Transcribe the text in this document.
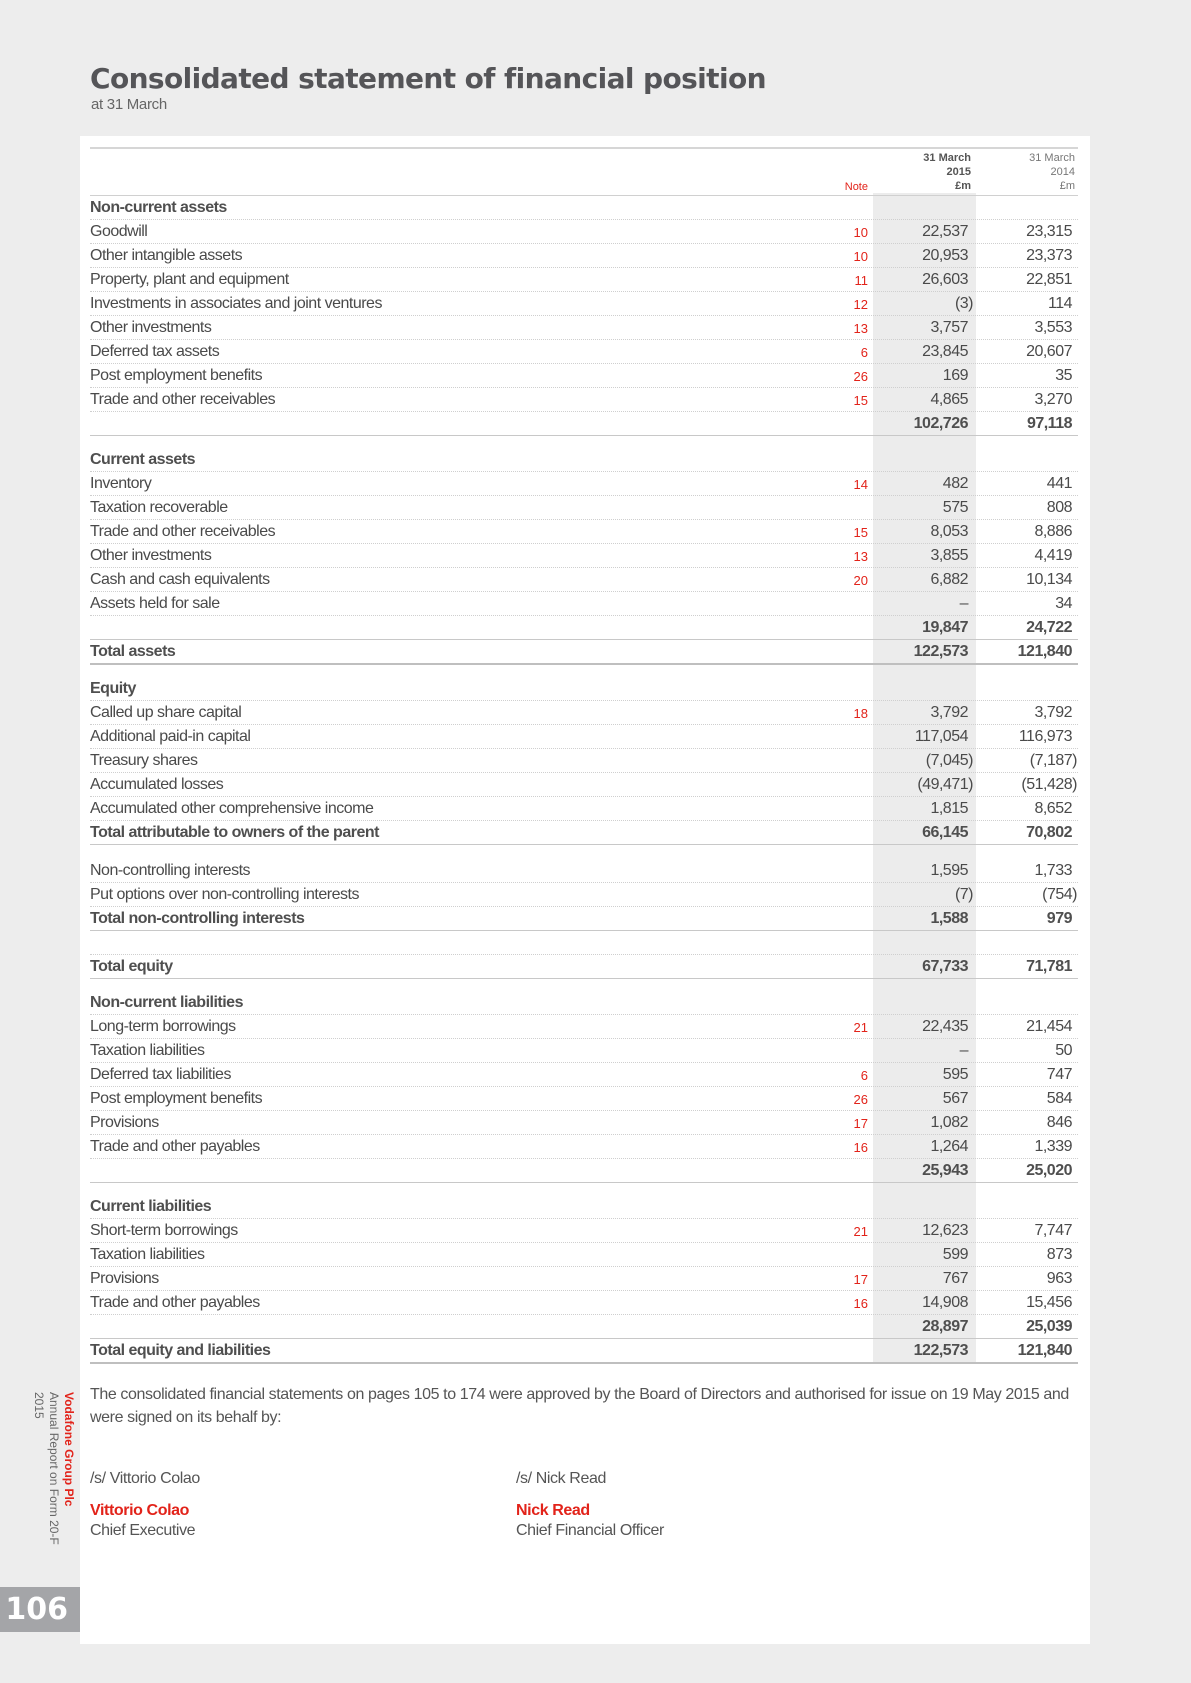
Consolidated statement of financial position
at 31 March
Note
31 March
2015
£m
31 March
2014
£m
Non-current assets
Goodwill	10	22,537	23,315
Other intangible assets	10	20,953	23,373
Property, plant and equipment	11	26,603	22,851
Investments in associates and joint ventures	12	(3)	114
Other investments	13	3,757	3,553
Deferred tax assets	6	23,845	20,607
Post employment benefits	26	169	35
Trade and other receivables	15	4,865	3,270
102,726	97,118
Current assets
Inventory	14	482	441
Taxation recoverable	575	808
Trade and other receivables	15	8,053	8,886
Other investments	13	3,855	4,419
Cash and cash equivalents	20	6,882	10,134
Assets held for sale	–	34
19,847	24,722
Total assets	122,573	121,840
Equity
Called up share capital	18	3,792	3,792
Additional paid-in capital	117,054	116,973
Treasury shares	(7,045)	(7,187)
Accumulated losses	(49,471)	(51,428)
Accumulated other comprehensive income	1,815	8,652
Total attributable to owners of the parent	66,145	70,802
Non-controlling interests	1,595	1,733
Put options over non-controlling interests	(7)	(754)
Total non-controlling interests	1,588	979
Total equity	67,733	71,781
Non-current liabilities
Long-term borrowings	21	22,435	21,454
Taxation liabilities	–	50
Deferred tax liabilities	6	595	747
Post employment benefits	26	567	584
Provisions	17	1,082	846
Trade and other payables	16	1,264	1,339
25,943	25,020
Current liabilities
Short-term borrowings	21	12,623	7,747
Taxation liabilities	599	873
Provisions	17	767	963
Trade and other payables	16	14,908	15,456
28,897	25,039
Total equity and liabilities	122,573	121,840
The consolidated financial statements on pages 105 to 174 were approved by the Board of Directors and authorised for issue on 19 May 2015 and were signed on its behalf by:
/s/ Vittorio Colao
Vittorio Colao
Chief Executive
/s/ Nick Read
Nick Read
Chief Financial Officer
Vodafone Group Plc
Annual Report on Form 20-F 2015
106
